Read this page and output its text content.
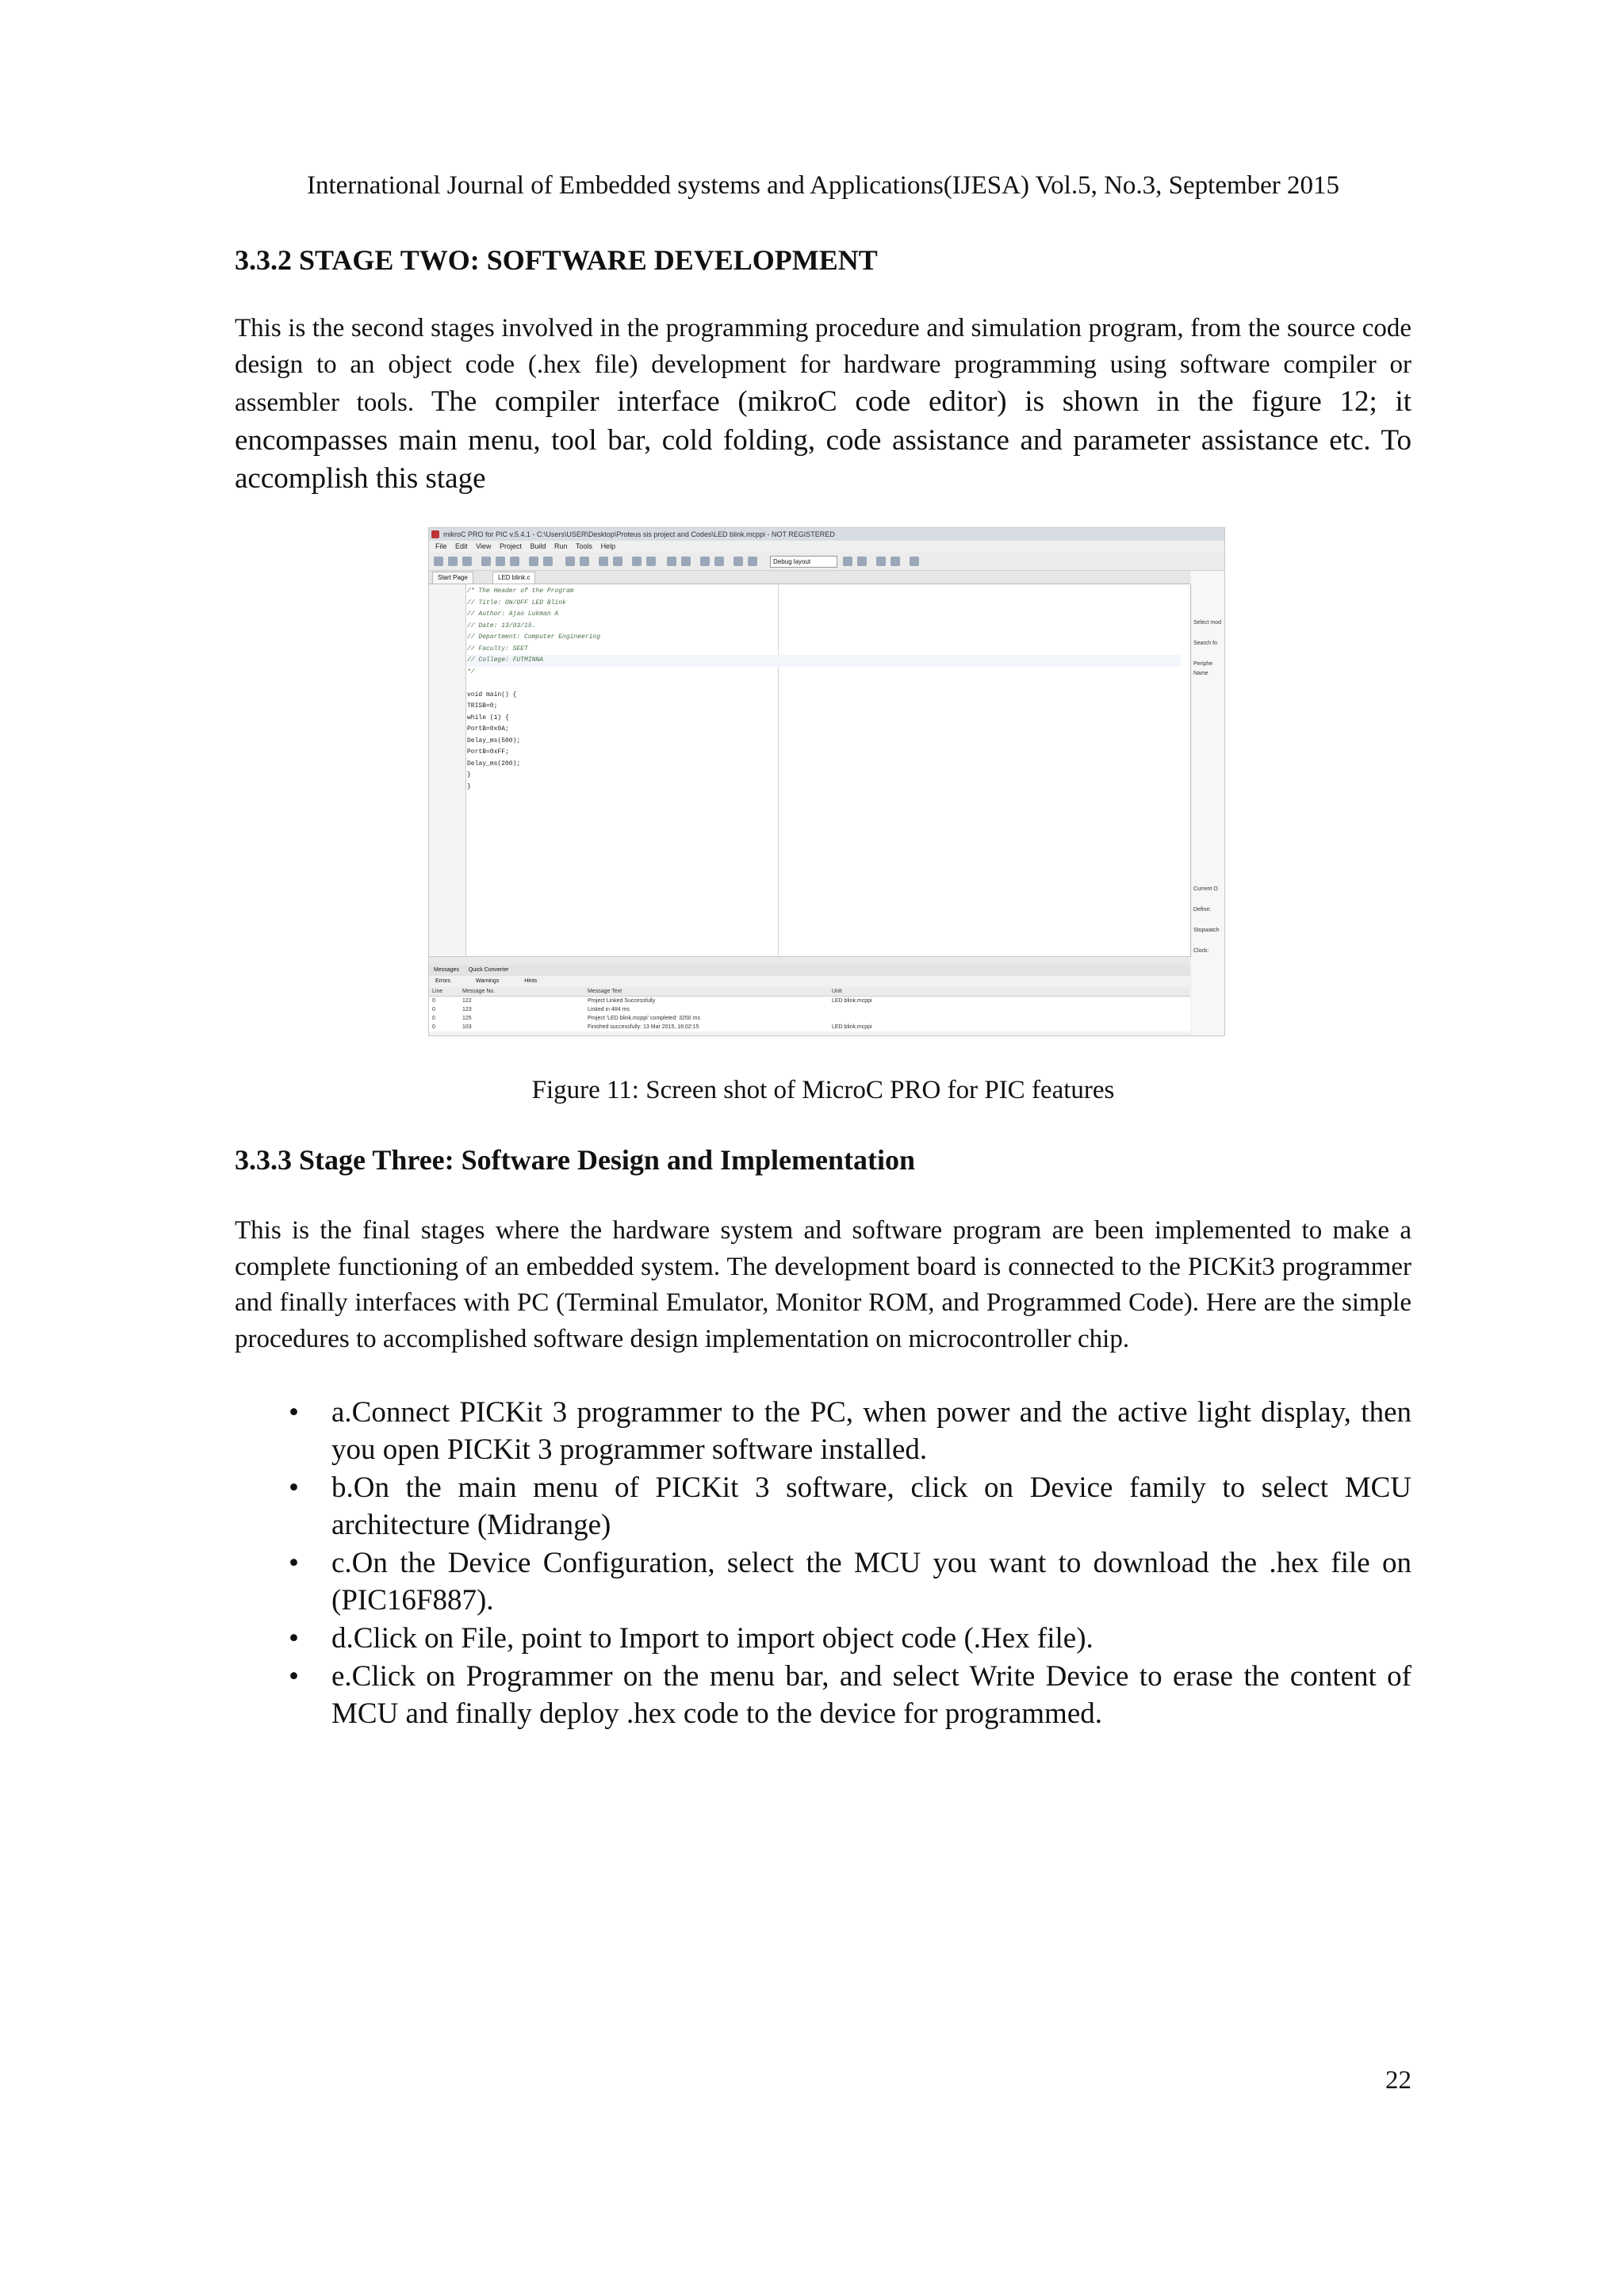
International Journal of Embedded systems and Applications(IJESA) Vol.5, No.3, September 2015
3.3.2 STAGE TWO: SOFTWARE DEVELOPMENT

This is the second stages involved in the programming procedure and simulation program, from the source code design to an object code (.hex file) development for hardware programming using software compiler or assembler tools. The compiler interface (mikroC code editor) is shown in the figure 12; it encompasses main menu, tool bar, cold folding, code assistance and parameter assistance etc. To accomplish this stage

mikroC PRO for PIC v.5.4.1 - C:\Users\USER\Desktop\Proteus sis project and Codes\LED blink.mcppi - NOT REGISTERED
File Edit View Project Build Run Tools Help
Debug layout
Start Page	LED blink.c
/* The Header of the Program
// Title: ON/OFF LED Blink
// Author: Ajao Lukman A
// Date: 13/03/15.
// Department: Computer Engineering
// Faculty: SEET
// College: FUTMINNA
*/
void main() {
TRISB=0;
while (1) {
PortB=0x0A;
Delay_ms(500);
PortB=0xFF;
Delay_ms(200);
}
}
Select mod
Search fo
Periphe
Name
Current O
Define:
Stopwatch
Clock:
Messages Quick Converter
Errors	Warnings	Hints
Line	Message No.	Message Text	Unit
0	122	Project Linked Successfully	LED blink.mcppi
0	123	Linked in 484 ms	
0	125	Project 'LED blink.mcppi' completed: 3250 ms	
0	103	Finished successfully: 13 Mar 2015, 16:02:15	LED blink.mcppi

Figure 11: Screen shot of MicroC PRO for PIC features

3.3.3 Stage Three: Software Design and Implementation

This is the final stages where the hardware system and software program are been implemented to make a complete functioning of an embedded system. The development board is connected to the PICKit3 programmer and finally interfaces with PC (Terminal Emulator, Monitor ROM, and Programmed Code). Here are the simple procedures to accomplished software design implementation on microcontroller chip.

• a.Connect PICKit 3 programmer to the PC, when power and the active light display, then you open PICKit 3 programmer software installed.
• b.On the main menu of PICKit 3 software, click on Device family to select MCU architecture (Midrange)
• c.On the Device Configuration, select the MCU you want to download the .hex file on (PIC16F887).
• d.Click on File, point to Import to import object code (.Hex file).
• e.Click on Programmer on the menu bar, and select Write Device to erase the content of MCU and finally deploy .hex code to the device for programmed.
22
